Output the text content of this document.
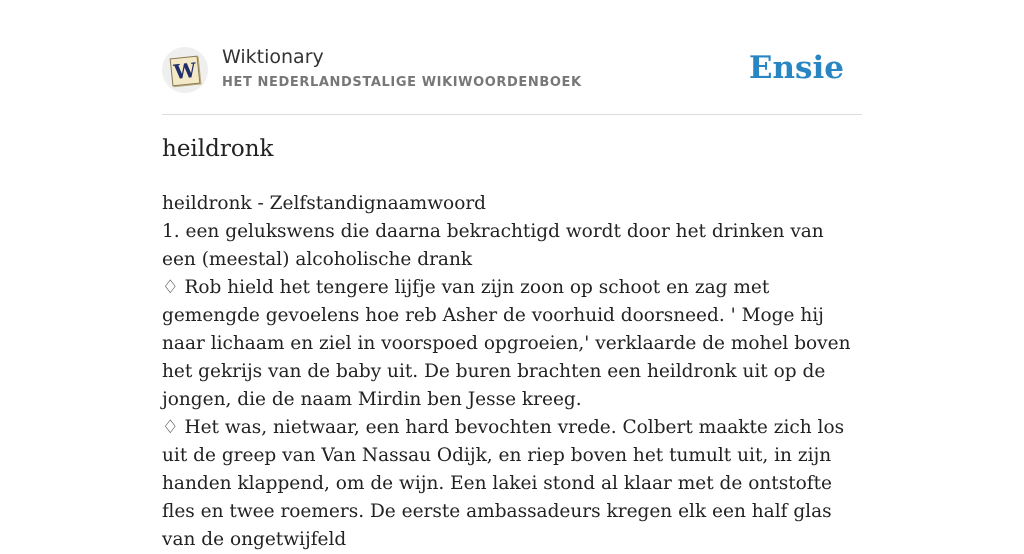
W
Wiktionary
HET NEDERLANDSTALIGE WIKIWOORDENBOEK	Ensie
heildronk

heildronk - Zelfstandignaamwoord

1. een gelukswens die daarna bekrachtigd wordt door het drinken van een (meestal) alcoholische drank

♢ Rob hield het tengere lijfje van zijn zoon op schoot en zag met gemengde gevoelens hoe reb Asher de voorhuid doorsneed. ' Moge hij naar lichaam en ziel in voorspoed opgroeien,' verklaarde de mohel boven het gekrijs van de baby uit. De buren brachten een heildronk uit op de jongen, die de naam Mirdin ben Jesse kreeg.

♢ Het was, nietwaar, een hard bevochten vrede. Colbert maakte zich los uit de greep van Van Nassau Odijk, en riep boven het tumult uit, in zijn handen klappend, om de wijn. Een lakei stond al klaar met de ontstofte fles en twee roemers. De eerste ambassadeurs kregen elk een half glas van de ongetwijfeld
